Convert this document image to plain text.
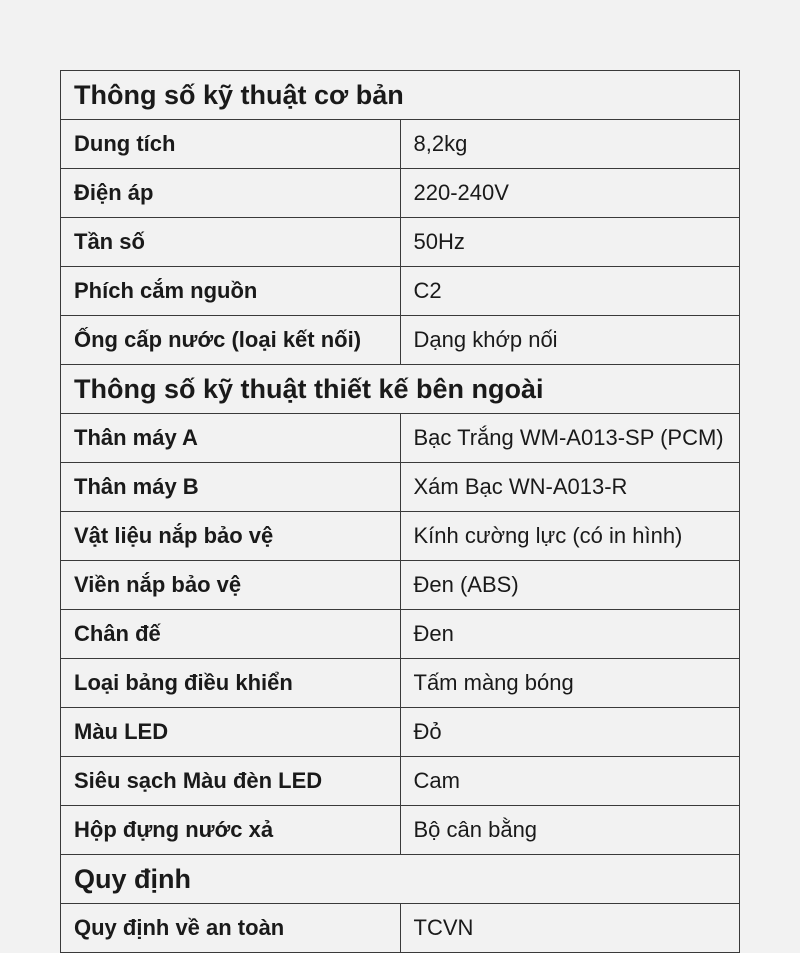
Thông số kỹ thuật cơ bản	
Dung tích	8,2kg
Điện áp	220-240V
Tần số	50Hz
Phích cắm nguồn	C2
Ống cấp nước (loại kết nối)	Dạng khớp nối
Thông số kỹ thuật thiết kế bên ngoài	
Thân máy A	Bạc Trắng WM-A013-SP (PCM)
Thân máy B	Xám Bạc WN-A013-R
Vật liệu nắp bảo vệ	Kính cường lực (có in hình)
Viền nắp bảo vệ	Đen (ABS)
Chân đế	Đen
Loại bảng điều khiển	Tấm màng bóng
Màu LED	Đỏ
Siêu sạch Màu đèn LED	Cam
Hộp đựng nước xả	Bộ cân bằng
Quy định	
Quy định về an toàn	TCVN
